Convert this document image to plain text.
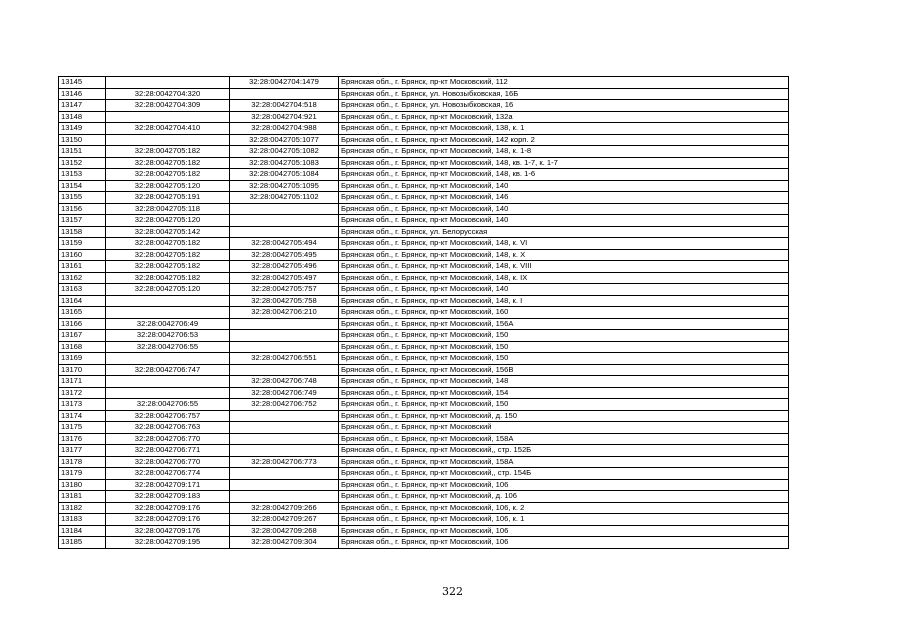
13145		32:28:0042704:1479	Брянская обл., г. Брянск, пр-кт Московский, 112
13146	32:28:0042704:320		Брянская обл., г. Брянск, ул. Новозыбковская, 16Б
13147	32:28:0042704:309	32:28:0042704:518	Брянская обл., г. Брянск, ул. Новозыбковская, 16
13148		32:28:0042704:921	Брянская обл., г. Брянск, пр-кт Московский, 132а
13149	32:28:0042704:410	32:28:0042704:988	Брянская обл., г. Брянск, пр-кт Московский, 138, к. 1
13150		32:28:0042705:1077	Брянская обл., г. Брянск, пр-кт Московский, 142 корп. 2
13151	32:28:0042705:182	32:28:0042705:1082	Брянская обл., г. Брянск, пр-кт Московский, 148, к. 1-8
13152	32:28:0042705:182	32:28:0042705:1083	Брянская обл., г. Брянск, пр-кт Московский, 148, кв. 1-7, к. 1-7
13153	32:28:0042705:182	32:28:0042705:1084	Брянская обл., г. Брянск, пр-кт Московский, 148, кв. 1-6
13154	32:28:0042705:120	32:28:0042705:1095	Брянская обл., г. Брянск, пр-кт Московский, 140
13155	32:28:0042705:191	32:28:0042705:1102	Брянская обл., г. Брянск, пр-кт Московский, 146
13156	32:28:0042705:118		Брянская обл., г. Брянск, пр-кт Московский, 140
13157	32:28:0042705:120		Брянская обл., г. Брянск, пр-кт Московский, 140
13158	32:28:0042705:142		Брянская обл., г. Брянск, ул. Белорусская
13159	32:28:0042705:182	32:28:0042705:494	Брянская обл., г. Брянск, пр-кт Московский, 148, к. VI
13160	32:28:0042705:182	32:28:0042705:495	Брянская обл., г. Брянск, пр-кт Московский, 148, к. X
13161	32:28:0042705:182	32:28:0042705:496	Брянская обл., г. Брянск, пр-кт Московский, 148, к. VIII
13162	32:28:0042705:182	32:28:0042705:497	Брянская обл., г. Брянск, пр-кт Московский, 148, к. IX
13163	32:28:0042705:120	32:28:0042705:757	Брянская обл., г. Брянск, пр-кт Московский, 140
13164		32:28:0042705:758	Брянская обл., г. Брянск, пр-кт Московский, 148, к. I
13165		32:28:0042706:210	Брянская обл., г. Брянск, пр-кт Московский, 160
13166	32:28:0042706:49		Брянская обл., г. Брянск, пр-кт Московский, 156А
13167	32:28:0042706:53		Брянская обл., г. Брянск, пр-кт Московский, 150
13168	32:28:0042706:55		Брянская обл., г. Брянск, пр-кт Московский, 150
13169		32:28:0042706:551	Брянская обл., г. Брянск, пр-кт Московский, 150
13170	32:28:0042706:747		Брянская обл., г. Брянск, пр-кт Московский, 156В
13171		32:28:0042706:748	Брянская обл., г. Брянск, пр-кт Московский, 148
13172		32:28:0042706:749	Брянская обл., г. Брянск, пр-кт Московский, 154
13173	32:28:0042706:55	32:28:0042706:752	Брянская обл., г. Брянск, пр-кт Московский, 150
13174	32:28:0042706:757		Брянская обл., г. Брянск, пр-кт Московский, д. 150
13175	32:28:0042706:763		Брянская обл., г. Брянск, пр-кт Московский
13176	32:28:0042706:770		Брянская обл., г. Брянск, пр-кт Московский, 158А
13177	32:28:0042706:771		Брянская обл., г. Брянск, пр-кт Московский,, стр. 152Б
13178	32:28:0042706:770	32:28:0042706:773	Брянская обл., г. Брянск, пр-кт Московский, 158А
13179	32:28:0042706:774		Брянская обл., г. Брянск, пр-кт Московский,, стр. 154Б
13180	32:28:0042709:171		Брянская обл., г. Брянск, пр-кт Московский, 106
13181	32:28:0042709:183		Брянская обл., г. Брянск, пр-кт Московский, д. 106
13182	32:28:0042709:176	32:28:0042709:266	Брянская обл., г. Брянск, пр-кт Московский, 106, к. 2
13183	32:28:0042709:176	32:28:0042709:267	Брянская обл., г. Брянск, пр-кт Московский, 106, к. 1
13184	32:28:0042709:176	32:28:0042709:268	Брянская обл., г. Брянск, пр-кт Московский, 106
13185	32:28:0042709:195	32:28:0042709:304	Брянская обл., г. Брянск, пр-кт Московский, 106
322
